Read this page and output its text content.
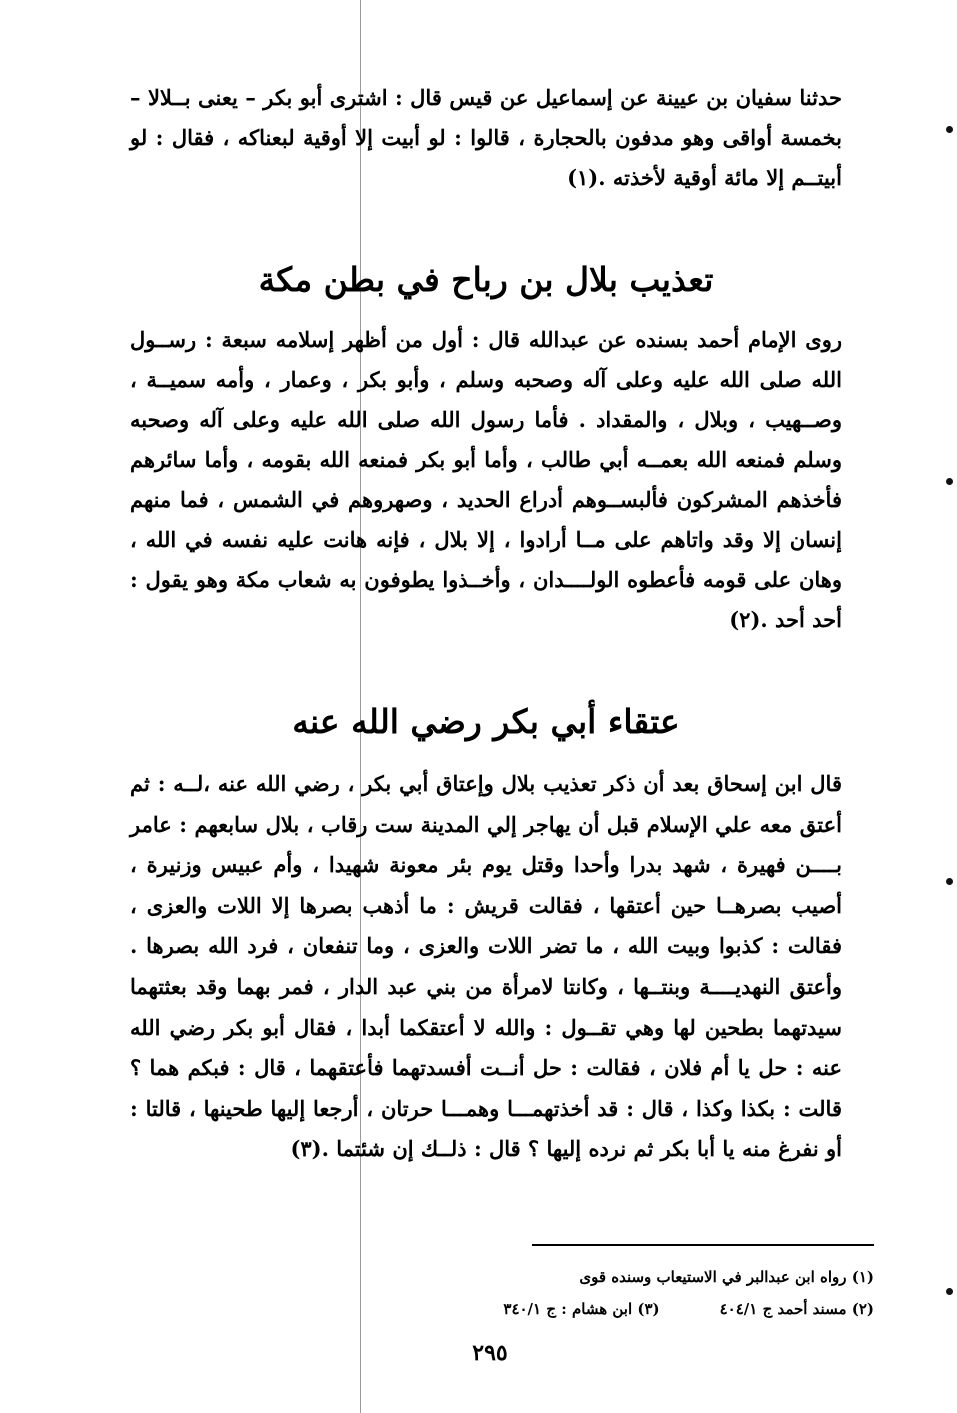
حدثنا سفيان بن عيينة عن إسماعيل عن قيس قال : اشترى أبو بكر – يعنى بــلالا – بخمسة أواقى وهو مدفون بالحجارة ، قالوا : لو أبيت إلا أوقية لبعناكه ، فقال : لو أبيتــم إلا مائة أوقية لأخذته .(١)

تعذيب بلال بن رباح في بطن مكة

روى الإمام أحمد بسنده عن عبدالله قال : أول من أظهر إسلامه سبعة : رســول الله صلى الله عليه وعلى آله وصحبه وسلم ، وأبو بكر ، وعمار ، وأمه سميــة ، وصــهيب ، وبلال ، والمقداد . فأما رسول الله صلى الله عليه وعلى آله وصحبه وسلم فمنعه الله بعمــه أبي طالب ، وأما أبو بكر فمنعه الله بقومه ، وأما سائرهم فأخذهم المشركون فألبســوهم أدراع الحديد ، وصهروهم في الشمس ، فما منهم إنسان إلا وقد واتاهم على مــا أرادوا ، إلا بلال ، فإنه هانت عليه نفسه في الله ، وهان على قومه فأعطوه الولــــدان ، وأخــذوا يطوفون به شعاب مكة وهو يقول : أحد أحد .(٢)

عتقاء أبي بكر رضي الله عنه

قال ابن إسحاق بعد أن ذكر تعذيب بلال وإعتاق أبي بكر ، رضي الله عنه ،لــه : ثم أعتق معه علي الإسلام قبل أن يهاجر إلي المدينة ست رقاب ، بلال سابعهم : عامر بــــن فهيرة ، شهد بدرا وأحدا وقتل يوم بئر معونة شهيدا ، وأم عبيس وزنيرة ، أصيب بصرهــا حين أعتقها ، فقالت قريش : ما أذهب بصرها إلا اللات والعزى ، فقالت : كذبوا وبيت الله ، ما تضر اللات والعزى ، وما تنفعان ، فرد الله بصرها . وأعتق النهديــــة وبنتــها ، وكانتا لامرأة من بني عبد الدار ، فمر بهما وقد بعثتهما سيدتهما بطحين لها وهي تقــول : والله لا أعتقكما أبدا ، فقال أبو بكر رضي الله عنه : حل يا أم فلان ، فقالت : حل أنــت أفسدتهما فأعتقهما ، قال : فبكم هما ؟ قالت : بكذا وكذا ، قال : قد أخذتهمـــا وهمـــا حرتان ، أرجعا إليها طحينها ، قالتا : أو نفرغ منه يا أبا بكر ثم نرده إليها ؟ قال : ذلــك إن شئتما .(٣)

(١) رواه ابن عبدالبر في الاستيعاب وسنده قوى
(٢) مسند أحمد ج ٤٠٤/١(٣) ابن هشام : ج ٣٤٠/١
٢٩٥
